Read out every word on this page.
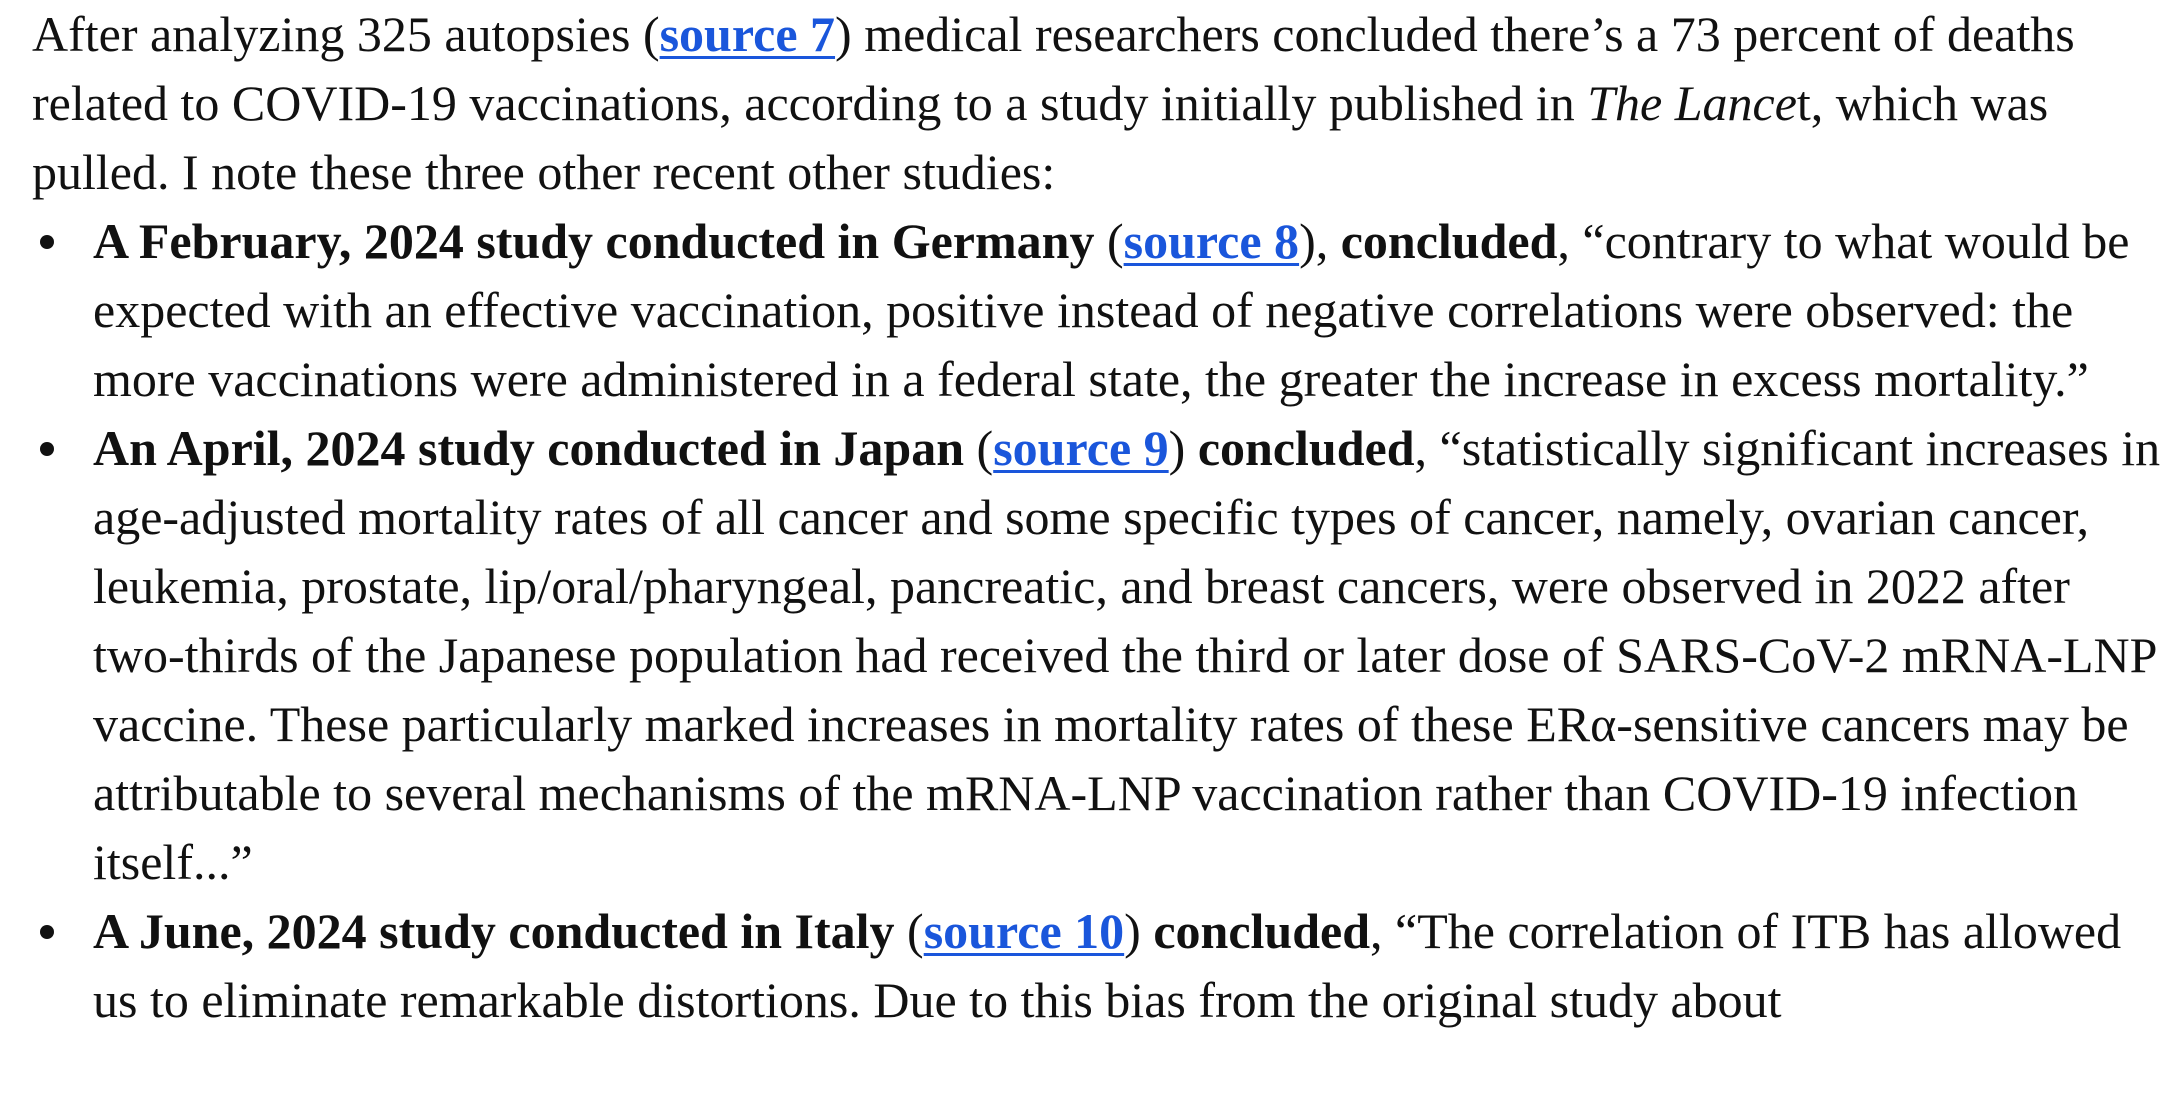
After analyzing 325 autopsies (source 7) medical researchers concluded there’s a 73 percent of deaths related to COVID-19 vaccinations, according to a study initially published in The Lancet, which was pulled. I note these three other recent other studies:

A February, 2024 study conducted in Germany (source 8), concluded, “contrary to what would be expected with an effective vaccination, positive instead of negative correlations were observed: the more vaccinations were administered in a federal state, the greater the increase in excess mortality.”
An April, 2024 study conducted in Japan (source 9) concluded, “statistically significant increases in age-adjusted mortality rates of all cancer and some specific types of cancer, namely, ovarian cancer, leukemia, prostate, lip/oral/pharyngeal, pancreatic, and breast cancers, were observed in 2022 after two-thirds of the Japanese population had received the third or later dose of SARS-CoV-2 mRNA-LNP vaccine. These particularly marked increases in mortality rates of these ERα-sensitive cancers may be attributable to several mechanisms of the mRNA-LNP vaccination rather than COVID-19 infection itself...”
A June, 2024 study conducted in Italy (source 10) concluded, “The correlation of ITB has allowed us to eliminate remarkable distortions. Due to this bias from the original study about
